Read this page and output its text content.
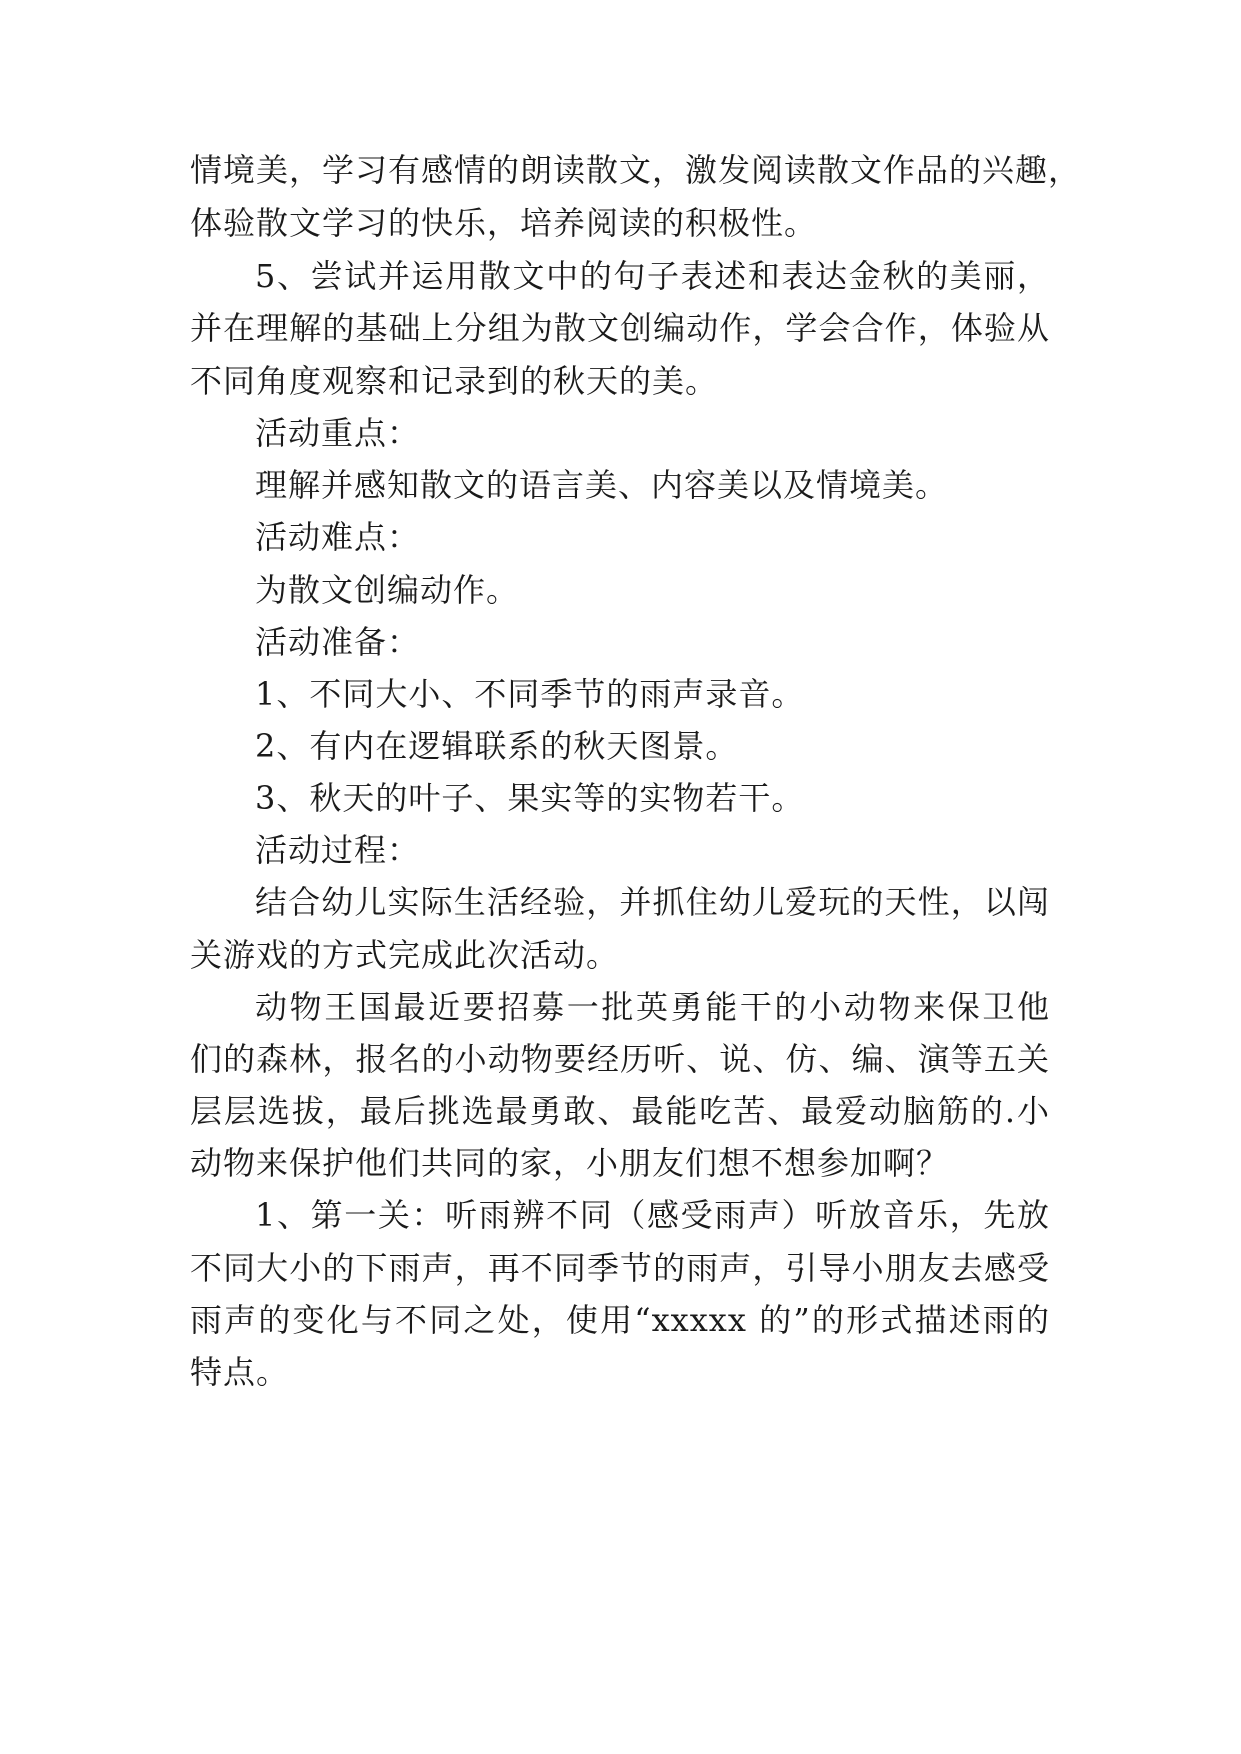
情境美，学习有感情的朗读散文，激发阅读散文作品的兴趣，
体验散文学习的快乐，培养阅读的积极性。
5、尝试并运用散文中的句子表述和表达金秋的美丽，
并在理解的基础上分组为散文创编动作，学会合作，体验从
不同角度观察和记录到的秋天的美。
活动重点：
理解并感知散文的语言美、内容美以及情境美。
活动难点：
为散文创编动作。
活动准备：
1、不同大小、不同季节的雨声录音。
2、有内在逻辑联系的秋天图景。
3、秋天的叶子、果实等的实物若干。
活动过程：
结合幼儿实际生活经验，并抓住幼儿爱玩的天性，以闯
关游戏的方式完成此次活动。
动物王国最近要招募一批英勇能干的小动物来保卫他
们的森林，报名的小动物要经历听、说、仿、编、演等五关
层层选拔，最后挑选最勇敢、最能吃苦、最爱动脑筋的.小
动物来保护他们共同的家，小朋友们想不想参加啊？
1、第一关：听雨辨不同（感受雨声）听放音乐，先放
不同大小的下雨声，再不同季节的雨声，引导小朋友去感受
雨声的变化与不同之处，使用“xxxxx 的”的形式描述雨的
特点。
